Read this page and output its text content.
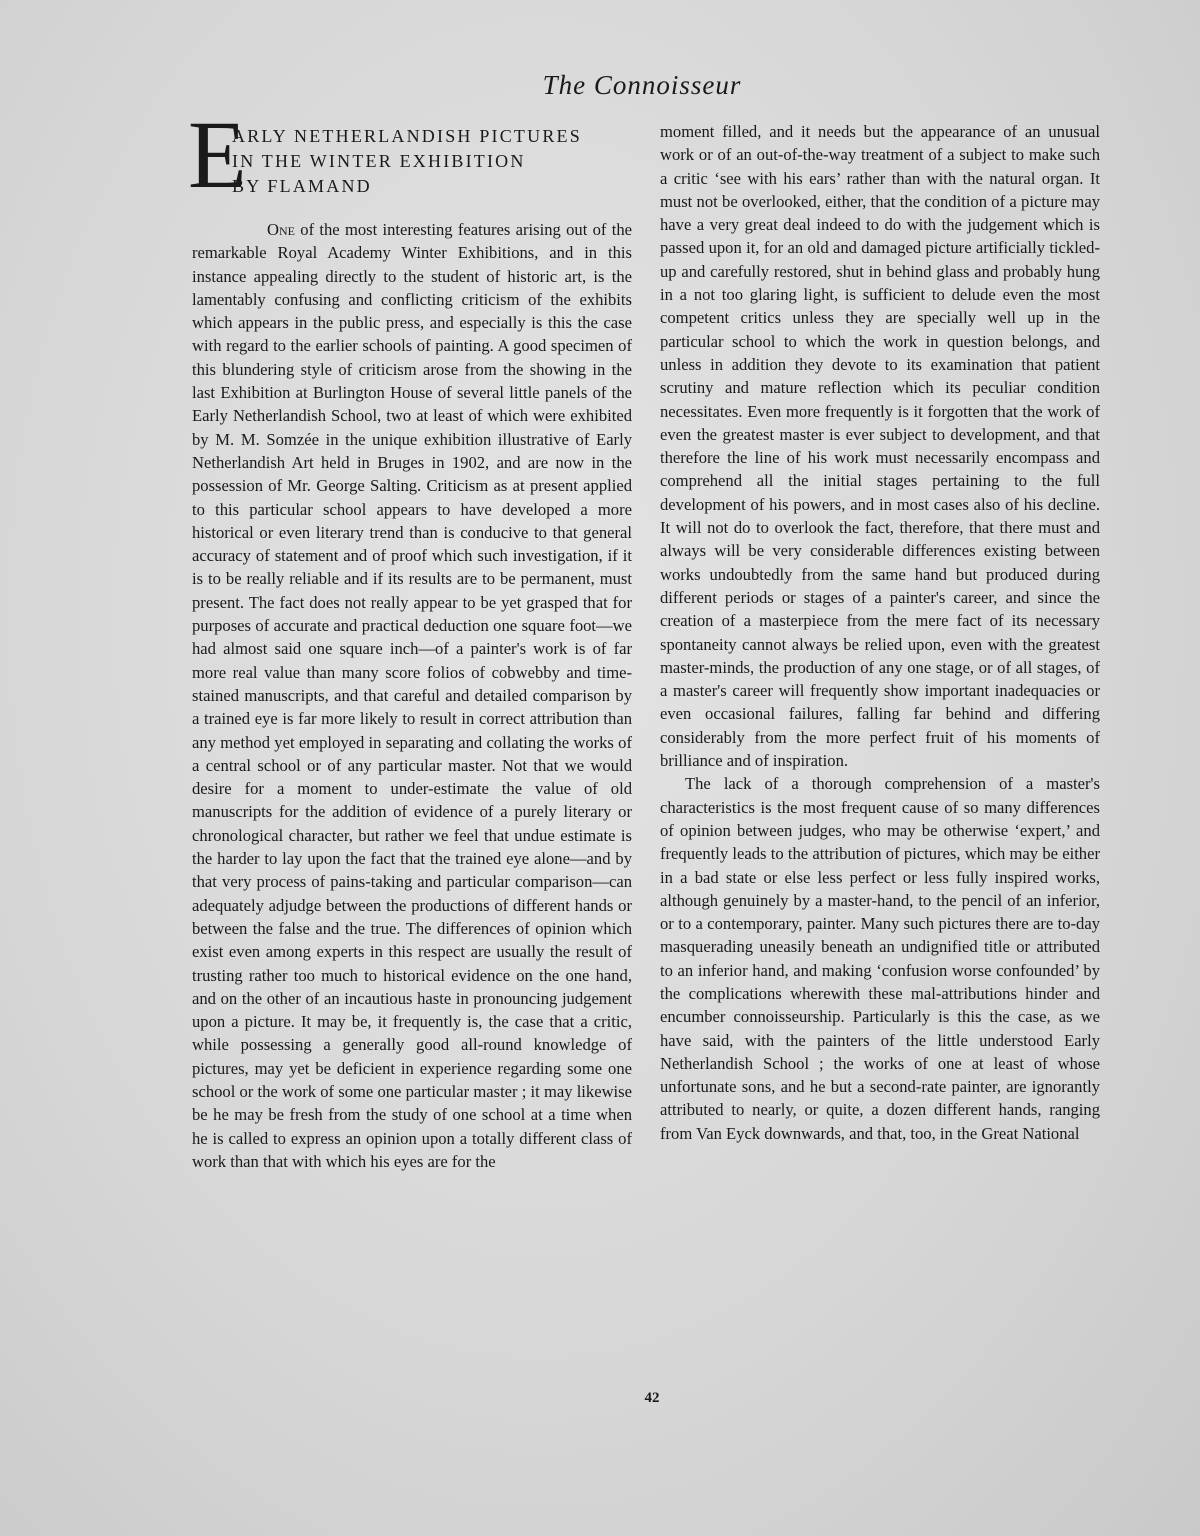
The Connoisseur
E
ARLY NETHERLANDISH PICTURES
IN THE WINTER EXHIBITION
BY FLAMAND

One of the most interesting features arising out of the remarkable Royal Academy Winter Exhibitions, and in this instance appealing directly to the student of historic art, is the lamentably confusing and conflicting criticism of the exhibits which appears in the public press, and especially is this the case with regard to the earlier schools of painting. A good specimen of this blundering style of criticism arose from the showing in the last Exhibition at Burlington House of several little panels of the Early Netherlandish School, two at least of which were exhibited by M. M. Somzée in the unique exhibition illustrative of Early Netherlandish Art held in Bruges in 1902, and are now in the possession of Mr. George Salting. Criticism as at present applied to this particular school appears to have developed a more historical or even literary trend than is conducive to that general accuracy of statement and of proof which such investigation, if it is to be really reliable and if its results are to be permanent, must present. The fact does not really appear to be yet grasped that for purposes of accurate and practical deduction one square foot—we had almost said one square inch—of a painter's work is of far more real value than many score folios of cobwebby and time-stained manuscripts, and that careful and detailed comparison by a trained eye is far more likely to result in correct attribution than any method yet employed in separating and collating the works of a central school or of any particular master. Not that we would desire for a moment to under-estimate the value of old manuscripts for the addition of evidence of a purely literary or chronological character, but rather we feel that undue estimate is the harder to lay upon the fact that the trained eye alone—and by that very process of pains-taking and particular comparison—can adequately adjudge between the productions of different hands or between the false and the true. The differences of opinion which exist even among experts in this respect are usually the result of trusting rather too much to historical evidence on the one hand, and on the other of an incautious haste in pronouncing judgement upon a picture. It may be, it frequently is, the case that a critic, while possessing a generally good all-round knowledge of pictures, may yet be deficient in experience regarding some one school or the work of some one particular master ; it may likewise be he may be fresh from the study of one school at a time when he is called to express an opinion upon a totally different class of work than that with which his eyes are for the

moment filled, and it needs but the appearance of an unusual work or of an out-of-the-way treatment of a subject to make such a critic ‘see with his ears’ rather than with the natural organ. It must not be overlooked, either, that the condition of a picture may have a very great deal indeed to do with the judgement which is passed upon it, for an old and damaged picture artificially tickled-up and carefully restored, shut in behind glass and probably hung in a not too glaring light, is sufficient to delude even the most competent critics unless they are specially well up in the particular school to which the work in question belongs, and unless in addition they devote to its examination that patient scrutiny and mature reflection which its peculiar condition necessitates. Even more frequently is it forgotten that the work of even the greatest master is ever subject to development, and that therefore the line of his work must necessarily encompass and comprehend all the initial stages pertaining to the full development of his powers, and in most cases also of his decline. It will not do to overlook the fact, therefore, that there must and always will be very considerable differences existing between works undoubtedly from the same hand but produced during different periods or stages of a painter's career, and since the creation of a masterpiece from the mere fact of its necessary spontaneity cannot always be relied upon, even with the greatest master-minds, the production of any one stage, or of all stages, of a master's career will frequently show important inadequacies or even occasional failures, falling far behind and differing considerably from the more perfect fruit of his moments of brilliance and of inspiration.

The lack of a thorough comprehension of a master's characteristics is the most frequent cause of so many differences of opinion between judges, who may be otherwise ‘expert,’ and frequently leads to the attribution of pictures, which may be either in a bad state or else less perfect or less fully inspired works, although genuinely by a master-hand, to the pencil of an inferior, or to a contemporary, painter. Many such pictures there are to-day masquerading uneasily beneath an undignified title or attributed to an inferior hand, and making ‘confusion worse confounded’ by the complications wherewith these mal-attributions hinder and encumber connoisseurship. Particularly is this the case, as we have said, with the painters of the little understood Early Netherlandish School ; the works of one at least of whose unfortunate sons, and he but a second-rate painter, are ignorantly attributed to nearly, or quite, a dozen different hands, ranging from Van Eyck downwards, and that, too, in the Great National

42
